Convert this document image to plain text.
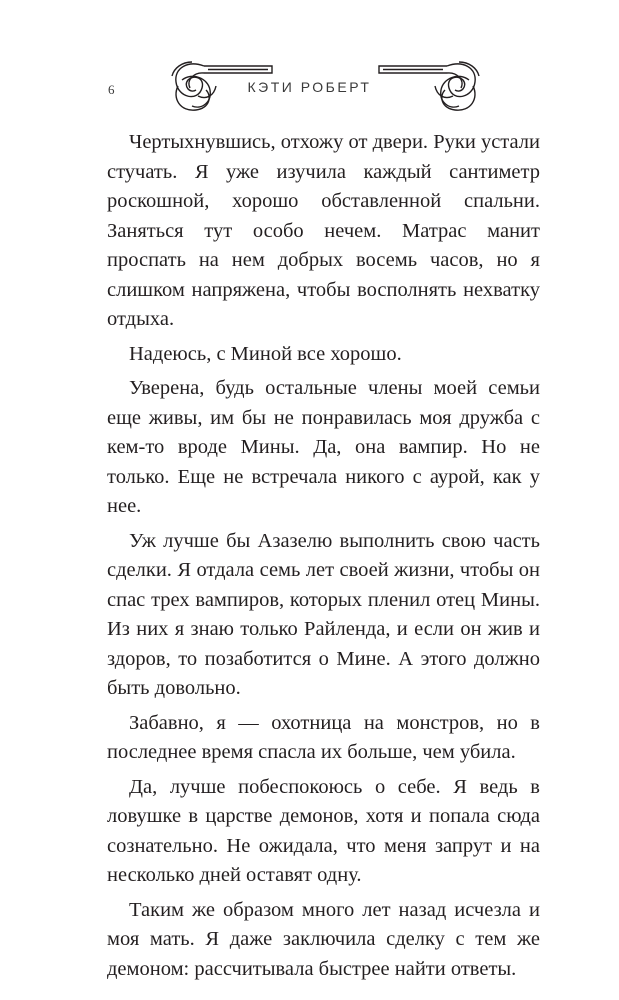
6	КЭТИ РОБЕРТ

Чертыхнувшись, отхожу от двери. Руки устали стучать. Я уже изучила каждый сантиметр роскошной, хорошо обставленной спальни. Заняться тут особо нечем. Матрас манит проспать на нем добрых восемь часов, но я слишком напряжена, чтобы восполнять нехватку отдыха.

Надеюсь, с Миной все хорошо.

Уверена, будь остальные члены моей семьи еще живы, им бы не понравилась моя дружба с кем-то вроде Мины. Да, она вампир. Но не только. Еще не встречала никого с аурой, как у нее.

Уж лучше бы Азазелю выполнить свою часть сделки. Я отдала семь лет своей жизни, чтобы он спас трех вампиров, которых пленил отец Мины. Из них я знаю только Райленда, и если он жив и здоров, то позаботится о Мине. А этого должно быть довольно.

Забавно, я — охотница на монстров, но в последнее время спасла их больше, чем убила.

Да, лучше побеспокоюсь о себе. Я ведь в ловушке в царстве демонов, хотя и попала сюда сознательно. Не ожидала, что меня запрут и на несколько дней оставят одну.

Таким же образом много лет назад исчезла и моя мать. Я даже заключила сделку с тем же демоном: рассчитывала быстрее найти ответы.
